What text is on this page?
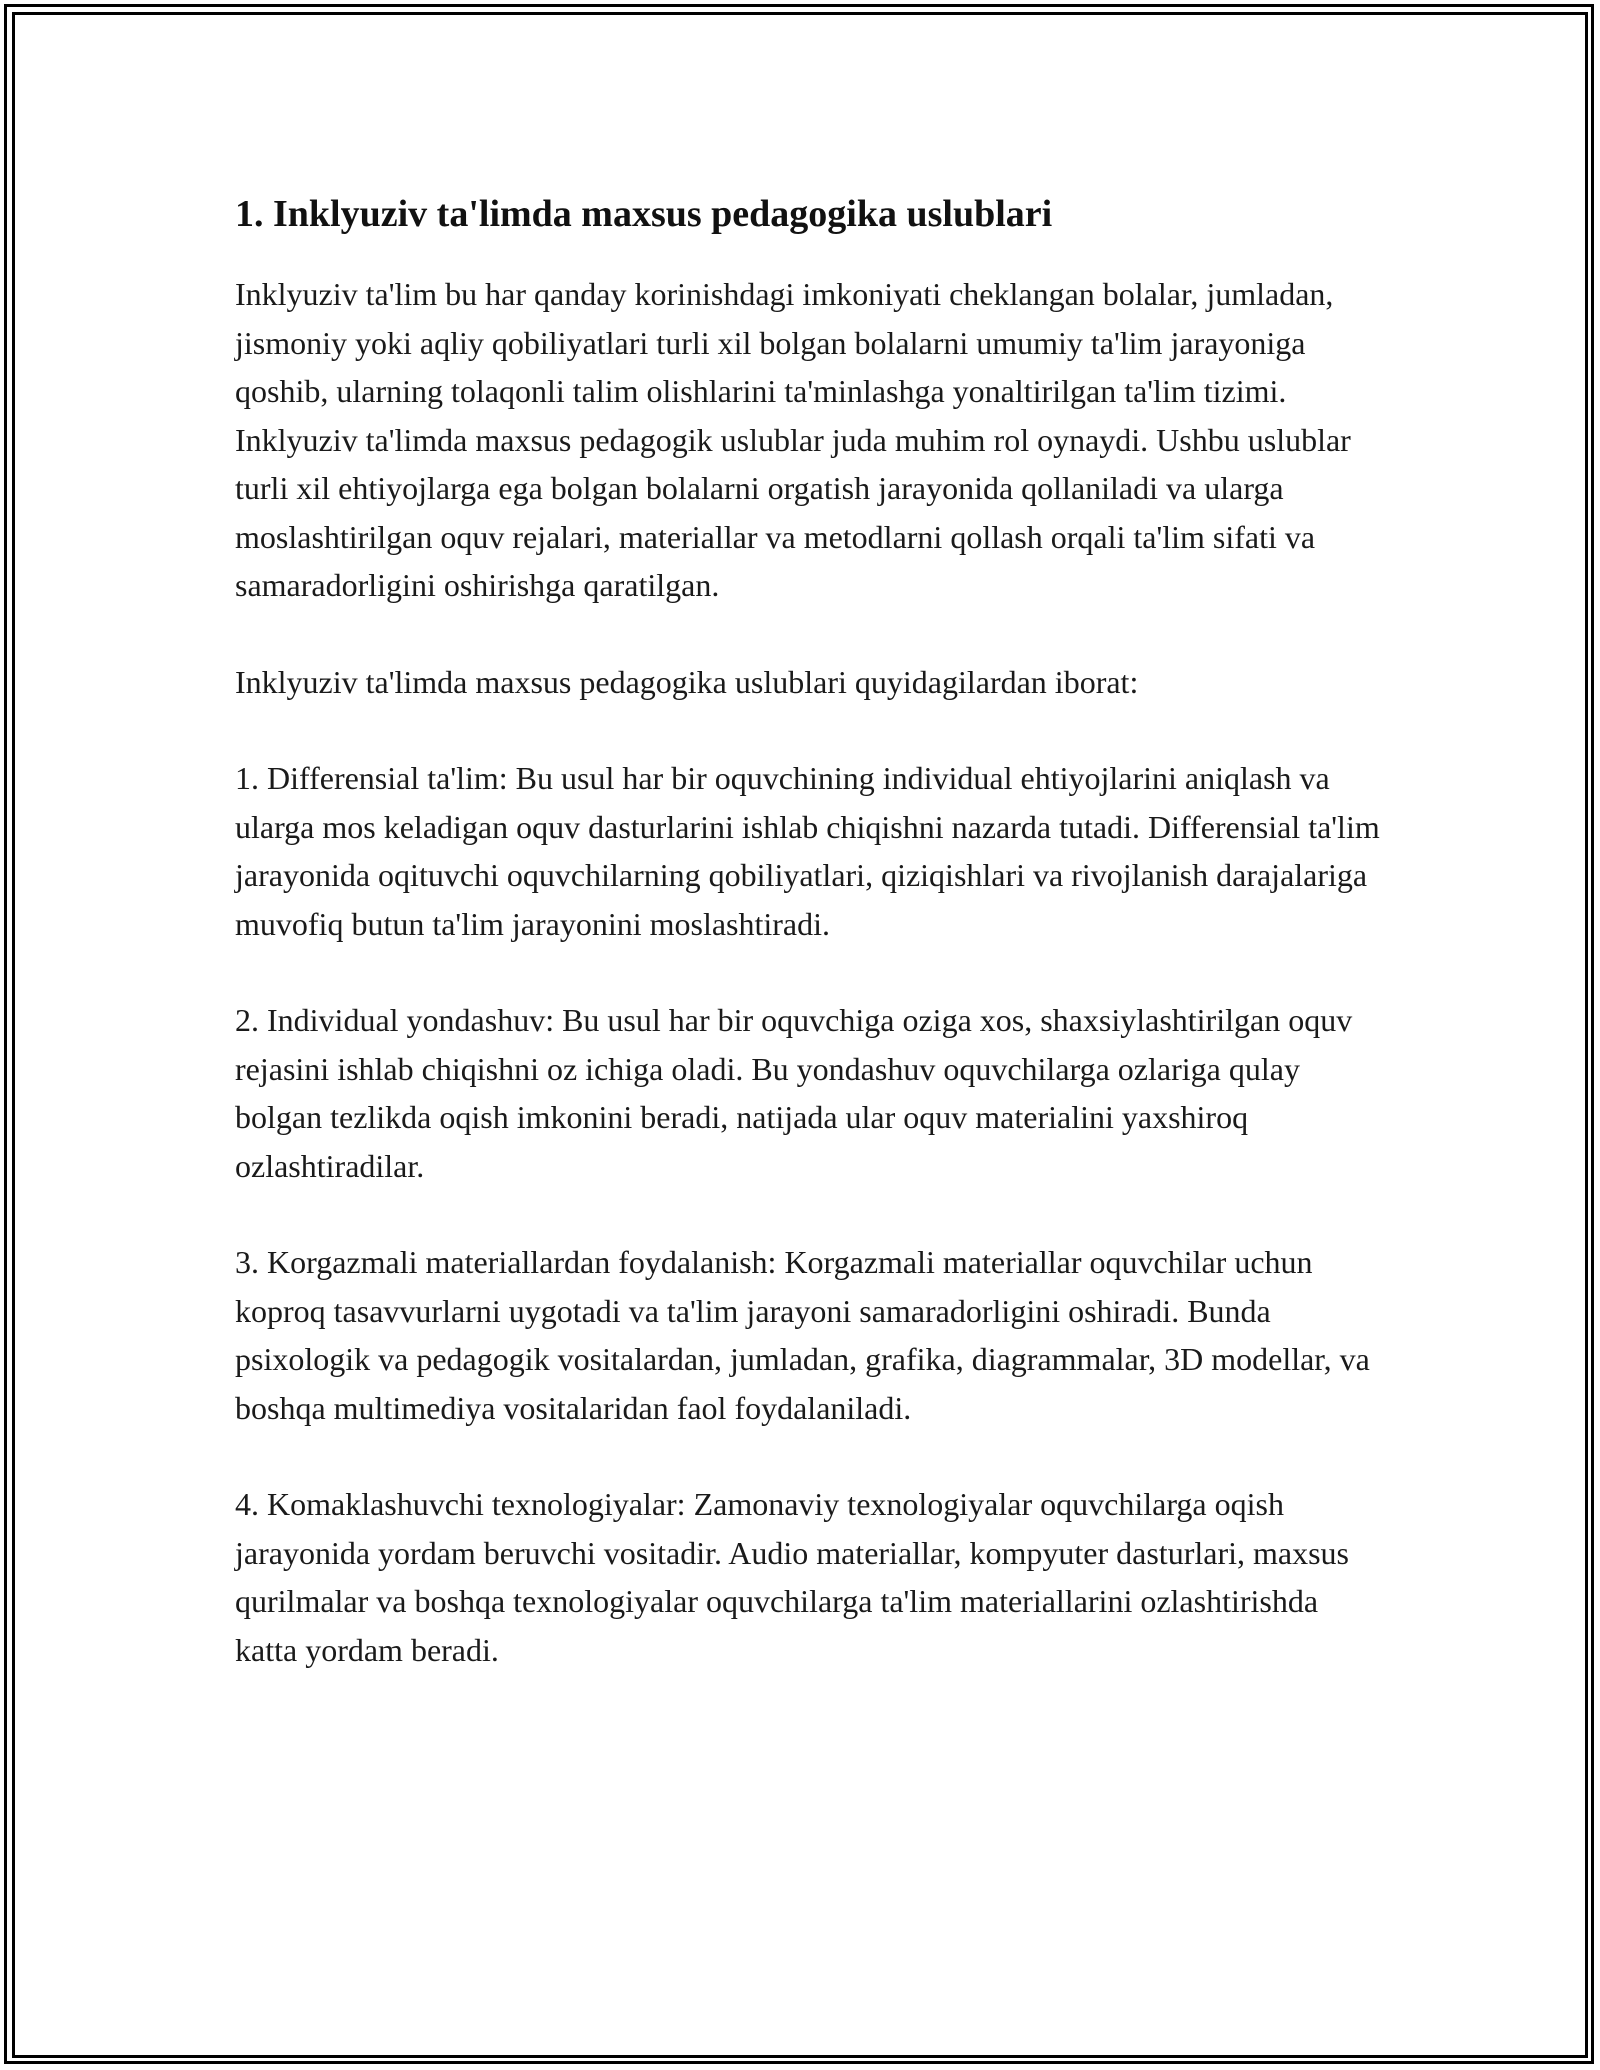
1. Inklyuziv ta'limda maxsus pedagogika uslublari

Inklyuziv ta'lim bu har qanday korinishdagi imkoniyati cheklangan bolalar, jumladan, jismoniy yoki aqliy qobiliyatlari turli xil bolgan bolalarni umumiy ta'lim jarayoniga qoshib, ularning tolaqonli talim olishlarini ta'minlashga yonaltirilgan ta'lim tizimi. Inklyuziv ta'limda maxsus pedagogik uslublar juda muhim rol oynaydi. Ushbu uslublar turli xil ehtiyojlarga ega bolgan bolalarni orgatish jarayonida qollaniladi va ularga moslashtirilgan oquv rejalari, materiallar va metodlarni qollash orqali ta'lim sifati va samaradorligini oshirishga qaratilgan.

Inklyuziv ta'limda maxsus pedagogika uslublari quyidagilardan iborat:

1. Differensial ta'lim: Bu usul har bir oquvchining individual ehtiyojlarini aniqlash va ularga mos keladigan oquv dasturlarini ishlab chiqishni nazarda tutadi. Differensial ta'lim jarayonida oqituvchi oquvchilarning qobiliyatlari, qiziqishlari va rivojlanish darajalariga muvofiq butun ta'lim jarayonini moslashtiradi.

2. Individual yondashuv: Bu usul har bir oquvchiga oziga xos, shaxsiylashtirilgan oquv rejasini ishlab chiqishni oz ichiga oladi. Bu yondashuv oquvchilarga ozlariga qulay bolgan tezlikda oqish imkonini beradi, natijada ular oquv materialini yaxshiroq ozlashtiradilar.

3. Korgazmali materiallardan foydalanish: Korgazmali materiallar oquvchilar uchun koproq tasavvurlarni uygotadi va ta'lim jarayoni samaradorligini oshiradi. Bunda psixologik va pedagogik vositalardan, jumladan, grafika, diagrammalar, 3D modellar, va boshqa multimediya vositalaridan faol foydalaniladi.

4. Komaklashuvchi texnologiyalar: Zamonaviy texnologiyalar oquvchilarga oqish jarayonida yordam beruvchi vositadir. Audio materiallar, kompyuter dasturlari, maxsus qurilmalar va boshqa texnologiyalar oquvchilarga ta'lim materiallarini ozlashtirishda katta yordam beradi.
